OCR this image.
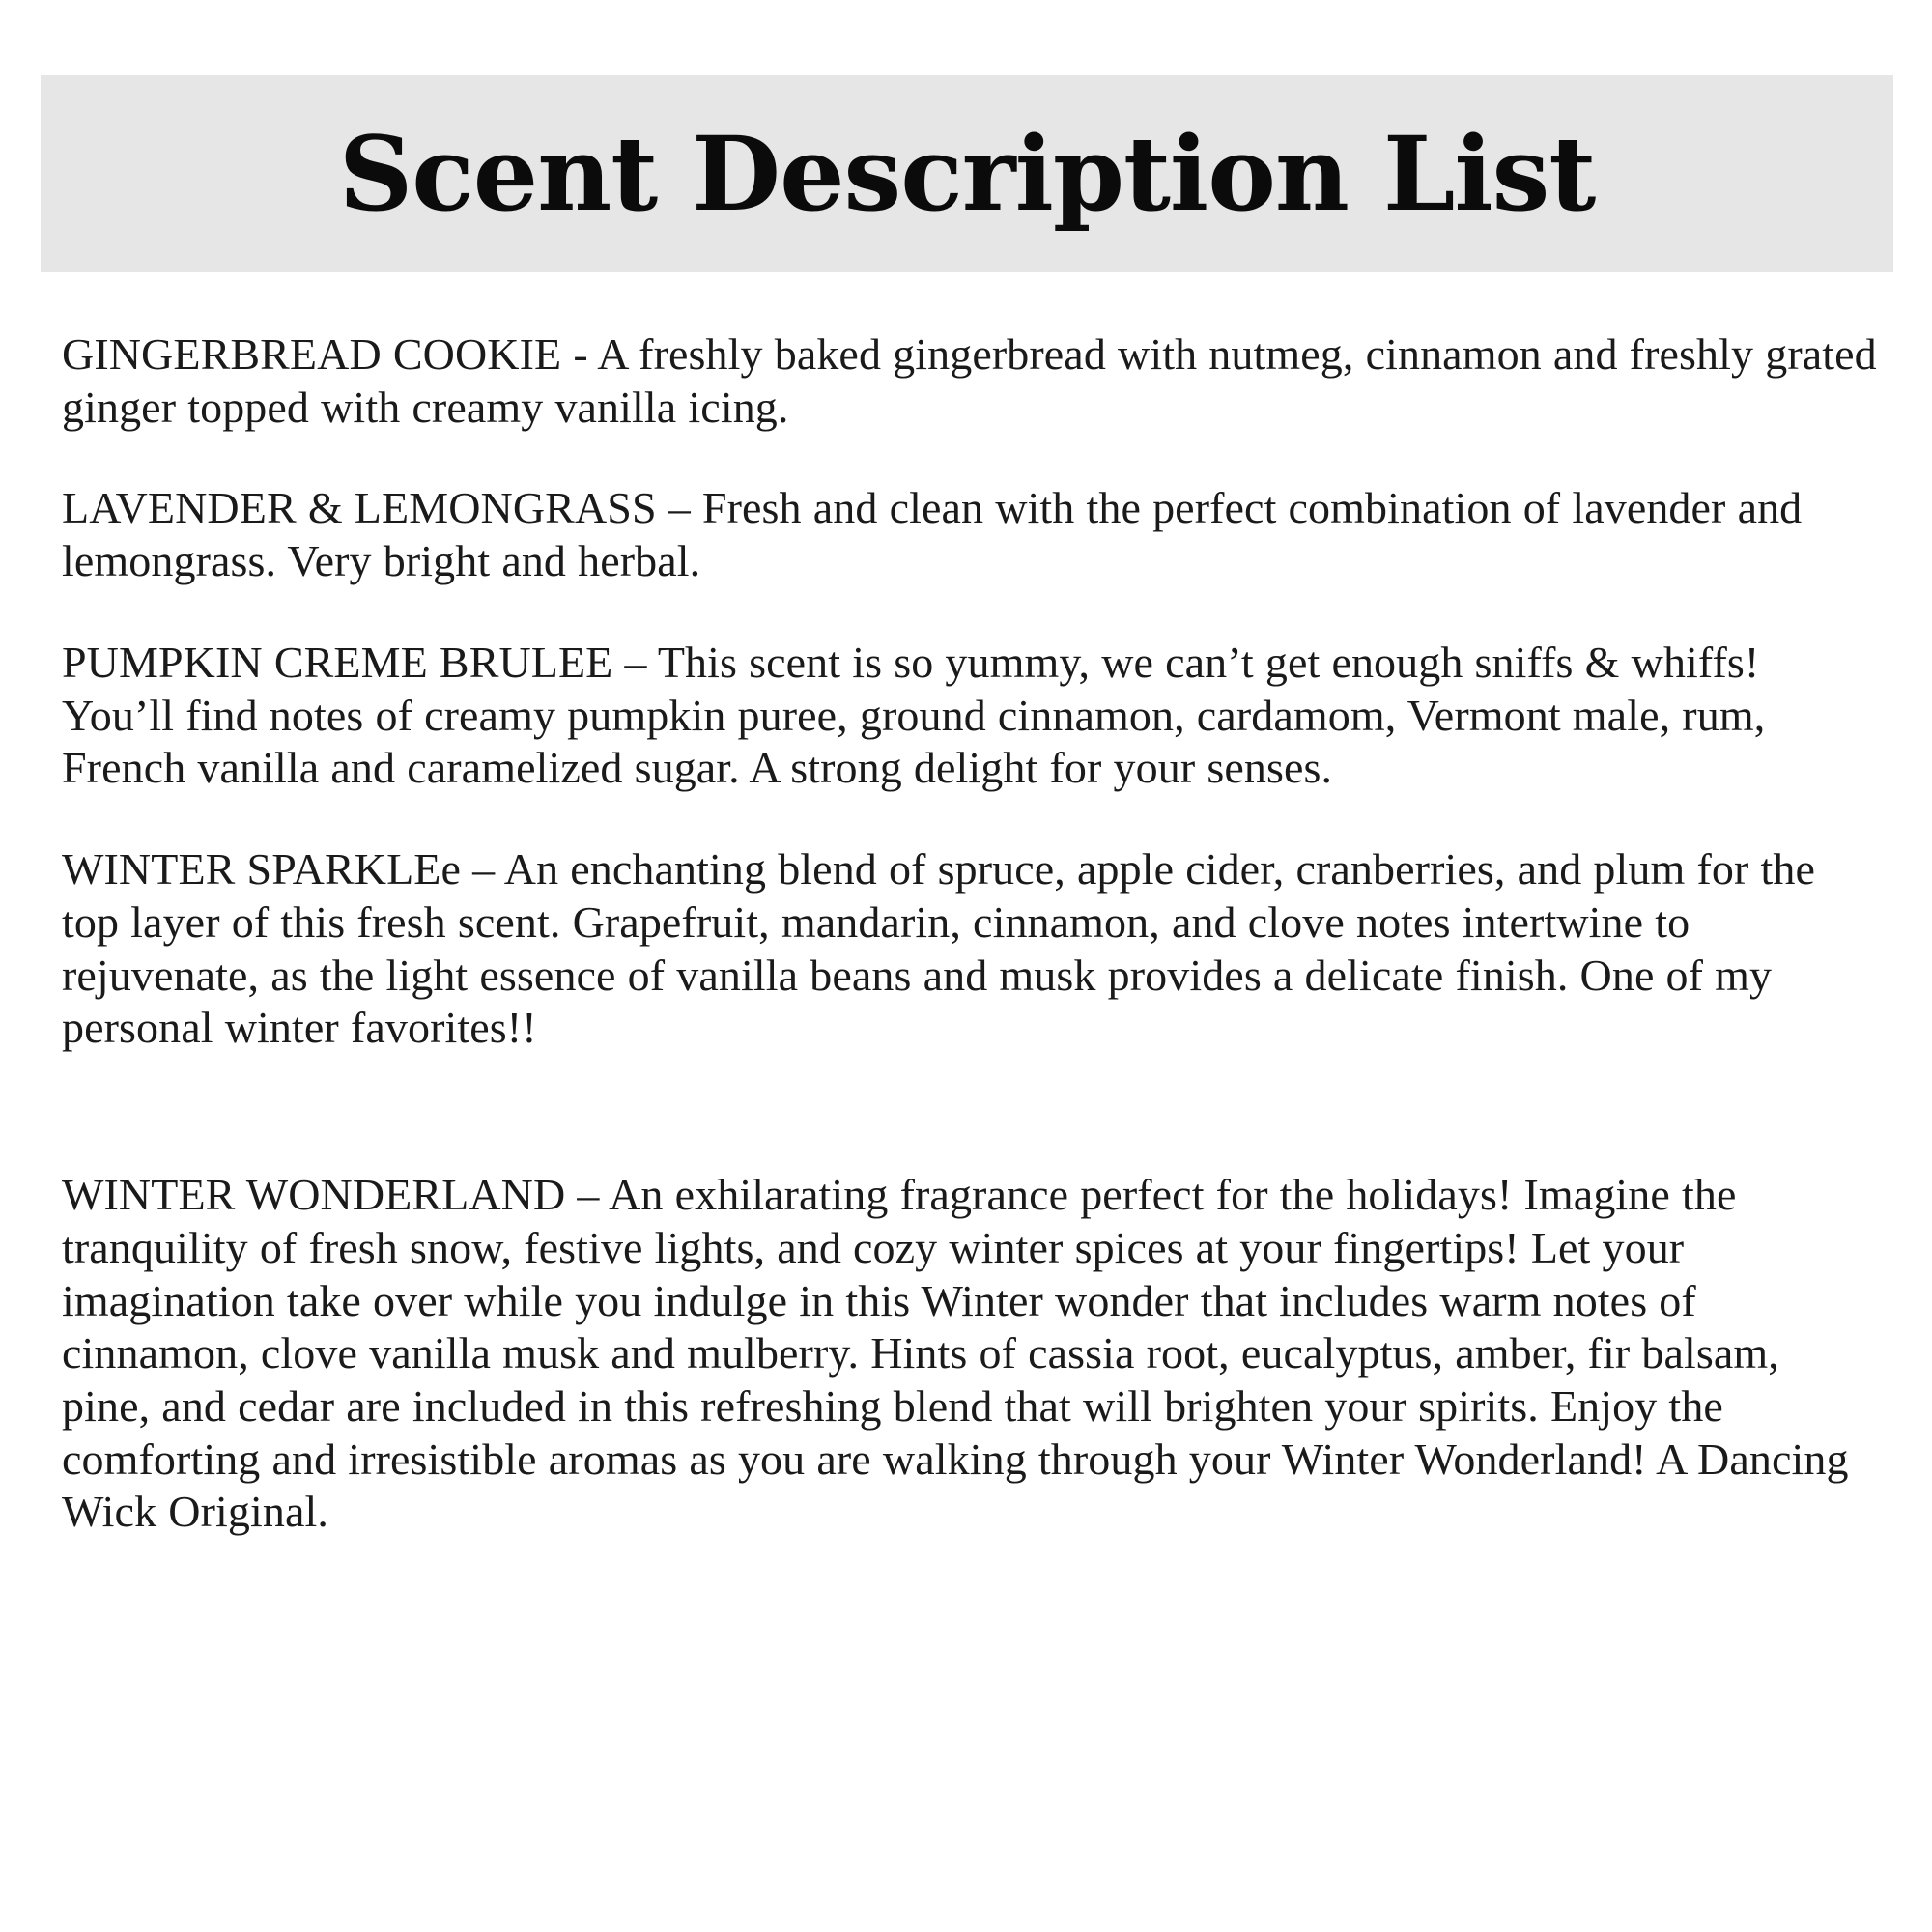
Scent Description List

GINGERBREAD COOKIE - A freshly baked gingerbread with nutmeg, cinnamon and freshly grated ginger topped with creamy vanilla icing.

LAVENDER & LEMONGRASS – Fresh and clean with the perfect combination of lavender and lemongrass. Very bright and herbal.

PUMPKIN CREME BRULEE – This scent is so yummy, we can’t get enough sniffs & whiffs! You’ll find notes of creamy pumpkin puree, ground cinnamon, cardamom, Vermont male, rum, French vanilla and caramelized sugar. A strong delight for your senses.

WINTER SPARKLEe – An enchanting blend of spruce, apple cider, cranberries, and plum for the top layer of this fresh scent. Grapefruit, mandarin, cinnamon, and clove notes intertwine to rejuvenate, as the light essence of vanilla beans and musk provides a delicate finish. One of my personal winter favorites!!

WINTER WONDERLAND – An exhilarating fragrance perfect for the holidays! Imagine the tranquility of fresh snow, festive lights, and cozy winter spices at your fingertips! Let your imagination take over while you indulge in this Winter wonder that includes warm notes of cinnamon, clove vanilla musk and mulberry. Hints of cassia root, eucalyptus, amber, fir balsam, pine, and cedar are included in this refreshing blend that will brighten your spirits. Enjoy the comforting and irresistible aromas as you are walking through your Winter Wonderland! A Dancing Wick Original.
